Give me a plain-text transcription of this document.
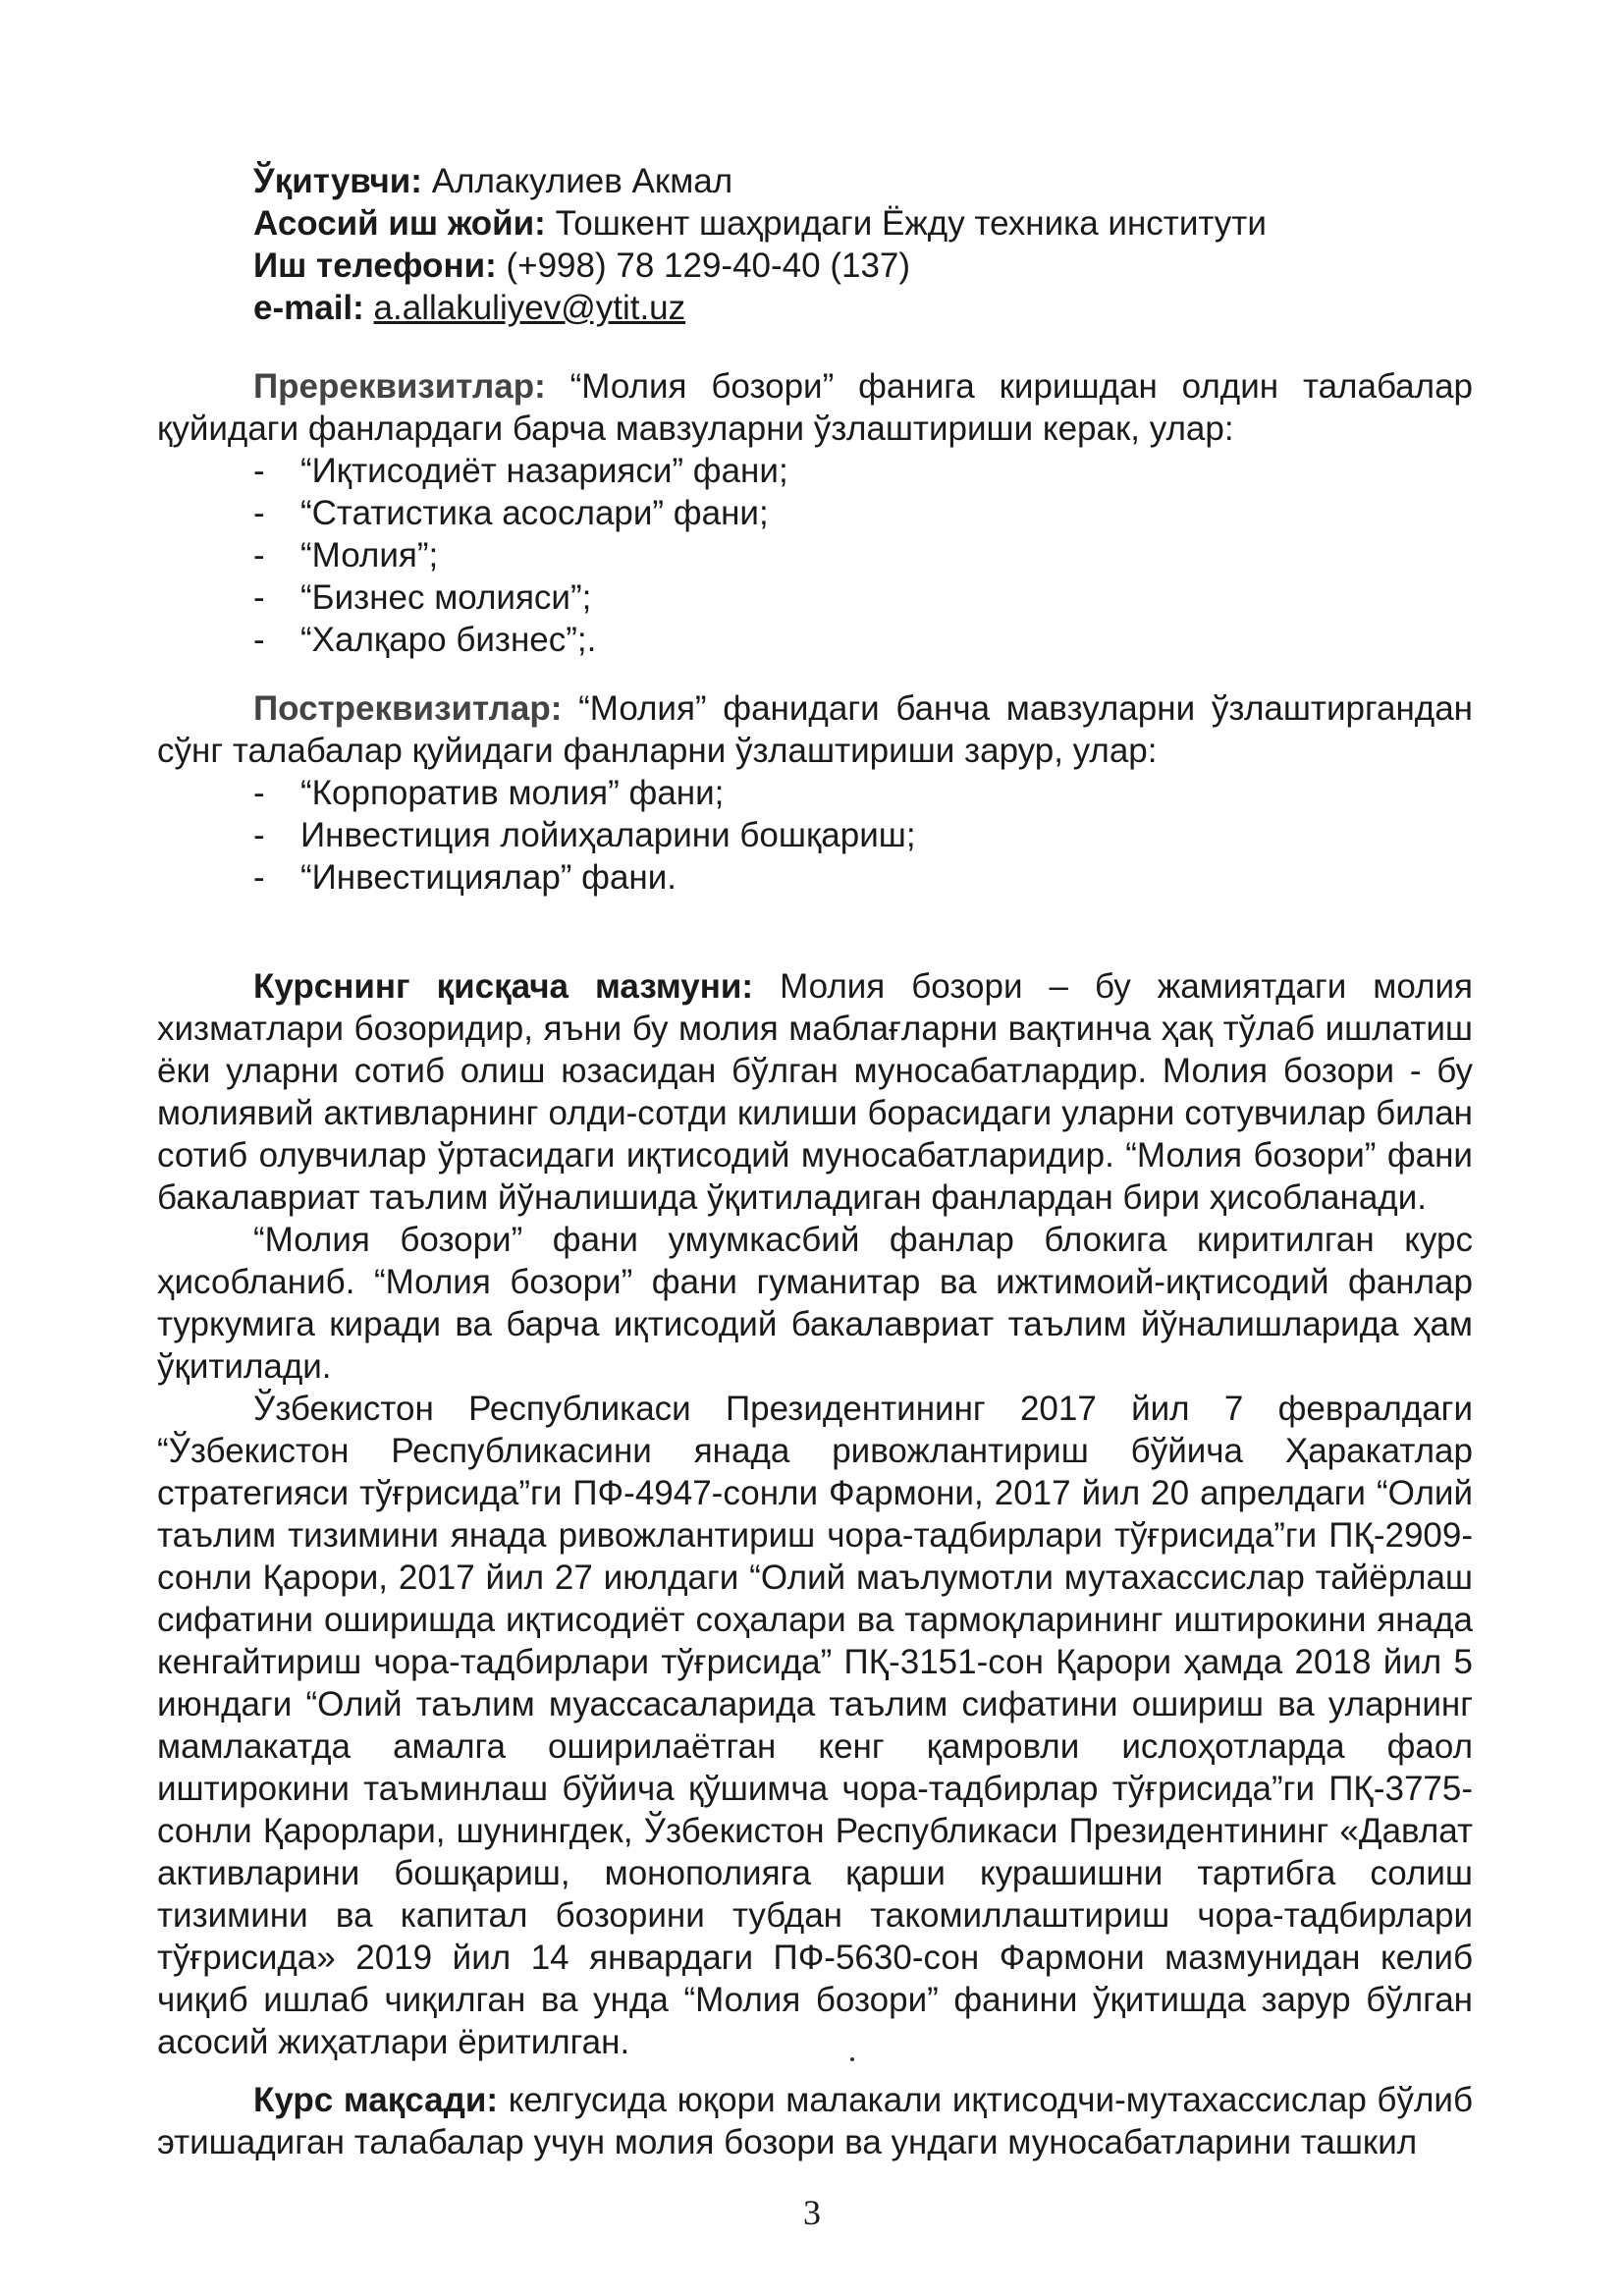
Ўқитувчи: Аллакулиев Акмал
Асосий иш жойи: Тошкент шаҳридаги Ёжду техника институти
Иш телефони: (+998) 78 129-40-40 (137)
e-mail: a.allakuliyev@ytit.uz

Пререквизитлар: “Молия бозори” фанига киришдан олдин талабалар қуйидаги фанлардаги барча мавзуларни ўзлаштириши керак, улар:

- “Иқтисодиёт назарияси” фани;
- “Статистика асослари” фани;
- “Молия”;
- “Бизнес молияси”;
- “Халқаро бизнес”;.

Постреквизитлар: “Молия” фанидаги банча мавзуларни ўзлаштиргандан сўнг талабалар қуйидаги фанларни ўзлаштириши зарур, улар:

- “Корпоратив молия” фани;
- Инвестиция лойиҳаларини бошқариш;
- “Инвестициялар” фани.

Курснинг қисқача мазмуни: Молия бозори – бу жамиятдаги молия хизматлари бозоридир, яъни бу молия маблағларни вақтинча ҳақ тўлаб ишлатиш ёки уларни сотиб олиш юзасидан бўлган муносабатлардир. Молия бозори - бу молиявий активларнинг олди-сотди килиши борасидаги уларни сотувчилар билан сотиб олувчилар ўртасидаги иқтисодий муносабатларидир. “Молия бозори” фани бакалавриат таълим йўналишида ўқитиладиган фанлардан бири ҳисобланади.

“Молия бозори” фани умумкасбий фанлар блокига киритилган курс ҳисобланиб. “Молия бозори” фани гуманитар ва ижтимоий-иқтисодий фанлар туркумига киради ва барча иқтисодий бакалавриат таълим йўналишларида ҳам ўқитилади.

Ўзбекистон Республикаси Президентининг 2017 йил 7 февралдаги “Ўзбекистон Республикасини янада ривожлантириш бўйича Ҳаракатлар стратегияси тўғрисида”ги ПФ-4947-сонли Фармони, 2017 йил 20 апрелдаги “Олий таълим тизимини янада ривожлантириш чора-тадбирлари тўғрисида”ги ПҚ-2909-сонли Қарори, 2017 йил 27 июлдаги “Олий маълумотли мутахассислар тайёрлаш сифатини оширишда иқтисодиёт соҳалари ва тармоқларининг иштирокини янада кенгайтириш чора-тадбирлари тўғрисида” ПҚ-3151-сон Қарори ҳамда 2018 йил 5 июндаги “Олий таълим муассасаларида таълим сифатини ошириш ва уларнинг мамлакатда амалга оширилаётган кенг қамровли ислоҳотларда фаол иштирокини таъминлаш бўйича қўшимча чора-тадбирлар тўғрисида”ги ПҚ-3775-сонли Қарорлари, шунингдек, Ўзбекистон Республикаси Президентининг «Давлат активларини бошқариш, монополияга қарши курашишни тартибга солиш тизимини ва капитал бозорини тубдан такомиллаштириш чора-тадбирлари тўғрисида» 2019 йил 14 январдаги ПФ-5630-сон Фармони мазмунидан келиб чиқиб ишлаб чиқилган ва унда “Молия бозори” фанини ўқитишда зарур бўлган асосий жиҳатлари ёритилган.

Курс мақсади: келгусида юқори малакали иқтисодчи-мутахассислар бўлиб этишадиган талабалар учун молия бозори ва ундаги муносабатларини ташкил

3
